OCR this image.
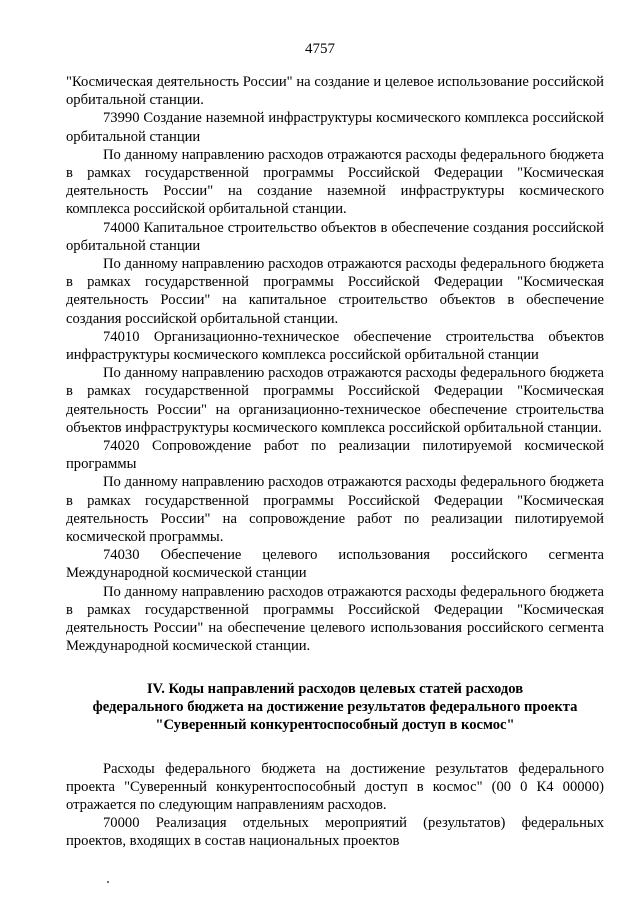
4757

"Космическая деятельность России" на создание и целевое использование российской орбитальной станции.

73990 Создание наземной инфраструктуры космического комплекса российской орбитальной станции

По данному направлению расходов отражаются расходы федерального бюджета в рамках государственной программы Российской Федерации "Космическая деятельность России" на создание наземной инфраструктуры космического комплекса российской орбитальной станции.

74000 Капитальное строительство объектов в обеспечение создания российской орбитальной станции

По данному направлению расходов отражаются расходы федерального бюджета в рамках государственной программы Российской Федерации "Космическая деятельность России" на капитальное строительство объектов в обеспечение создания российской орбитальной станции.

74010 Организационно-техническое обеспечение строительства объектов инфраструктуры космического комплекса российской орбитальной станции

По данному направлению расходов отражаются расходы федерального бюджета в рамках государственной программы Российской Федерации "Космическая деятельность России" на организационно-техническое обеспечение строительства объектов инфраструктуры космического комплекса российской орбитальной станции.

74020 Сопровождение работ по реализации пилотируемой космической программы

По данному направлению расходов отражаются расходы федерального бюджета в рамках государственной программы Российской Федерации "Космическая деятельность России" на сопровождение работ по реализации пилотируемой космической программы.

74030 Обеспечение целевого использования российского сегмента Международной космической станции

По данному направлению расходов отражаются расходы федерального бюджета в рамках государственной программы Российской Федерации "Космическая деятельность России" на обеспечение целевого использования российского сегмента Международной космической станции.

IV. Коды направлений расходов целевых статей расходов
федерального бюджета на достижение результатов федерального проекта
"Суверенный конкурентоспособный доступ в космос"

Расходы федерального бюджета на достижение результатов федерального проекта "Суверенный конкурентоспособный доступ в космос" (00 0 К4 00000) отражается по следующим направлениям расходов.

70000 Реализация отдельных мероприятий (результатов) федеральных проектов, входящих в состав национальных проектов
